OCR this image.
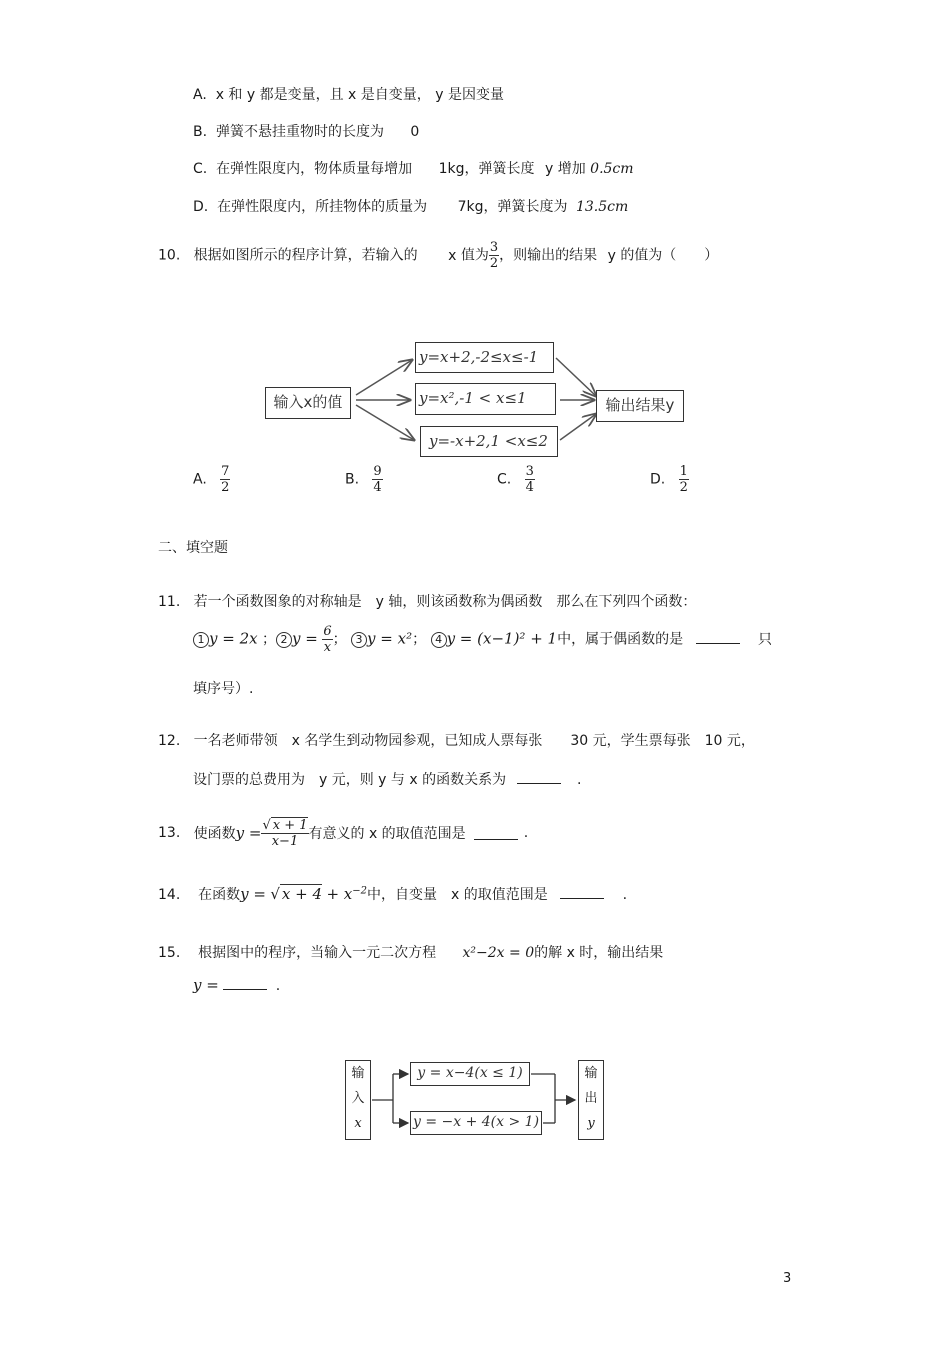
A. x 和 y 都是变量，且 x 是自变量， y 是因变量
B. 弹簧不悬挂重物时的长度为 0
C. 在弹性限度内，物体质量每增加 1kg，弹簧长度 y 增加 0.5cm
D. 在弹性限度内，所挂物体的质量为 7kg，弹簧长度为 13.5cm
10. 根据如图所示的程序计算，若输入的 x 值为 $\frac{3}{2}$ ，则输出的结果 y 的值为（　　）
输入x的值
y=x+2,-2≤x≤-1
y=x²,-1 < x≤1
y=-x+2,1 <x≤2
输出结果y
A. $\frac{7}{2}$	B. $\frac{9}{4}$	C. $\frac{3}{4}$	D. $\frac{1}{2}$
二、填空题
11. 若一个函数图象的对称轴是　y 轴，则该函数称为偶函数　那么在下列四个函数：
1 y = 2x ； 2 $y = \frac{6}{x}$ ； 3 y = x²； 4 y = (x−1)² + 1中，属于偶函数的是	只
填序号）.
12. 一名老师带领　x 名学生到动物园参观，已知成人票每张　　30 元，学生票每张　10 元，
设门票的总费用为　y 元，则 y 与 x 的函数关系为	.
13.
使函数 $y = \frac{√ x + 1}{x-1}$ 有意义的 x 的取值范围是	.
14. 在函数y = √ $x + 4 + x^{-2}$中，自变量　x 的取值范围是	.
15. 根据图中的程序，当输入一元二次方程 x²−2x = 0的解 x 时，输出结果
y =	.
输
入
x
y = x−4(x ≤ 1)
y = −x + 4(x > 1)
输
出
y
3
